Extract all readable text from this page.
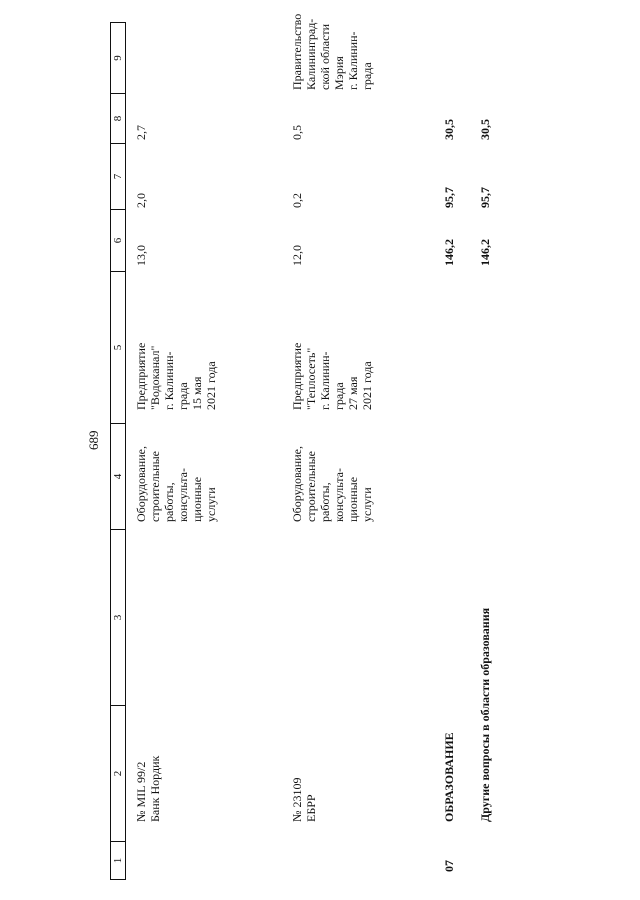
689
1
2
3
4
5
6
7
8
9
№ MIL 99/2
Банк Нордик
Оборудование,
строительные
работы,
консульта-
ционные
услуги
Предприятие
"Водоканал"
г. Калинин-
града
15 мая
2021 года
13,0
2,0
2,7
№ 23109
ЕБРР
Оборудование,
строительные
работы,
консульта-
ционные
услуги
Предприятие
"Теплосеть"
г. Калинин-
града
27 мая
2021 года
12,0
0,2
0,5
Правительство
Калининград-
ской области
Мэрия
г. Калинин-
града
07
ОБРАЗОВАНИЕ
146,2
95,7
30,5
Другие вопросы в области образования
146,2
95,7
30,5
